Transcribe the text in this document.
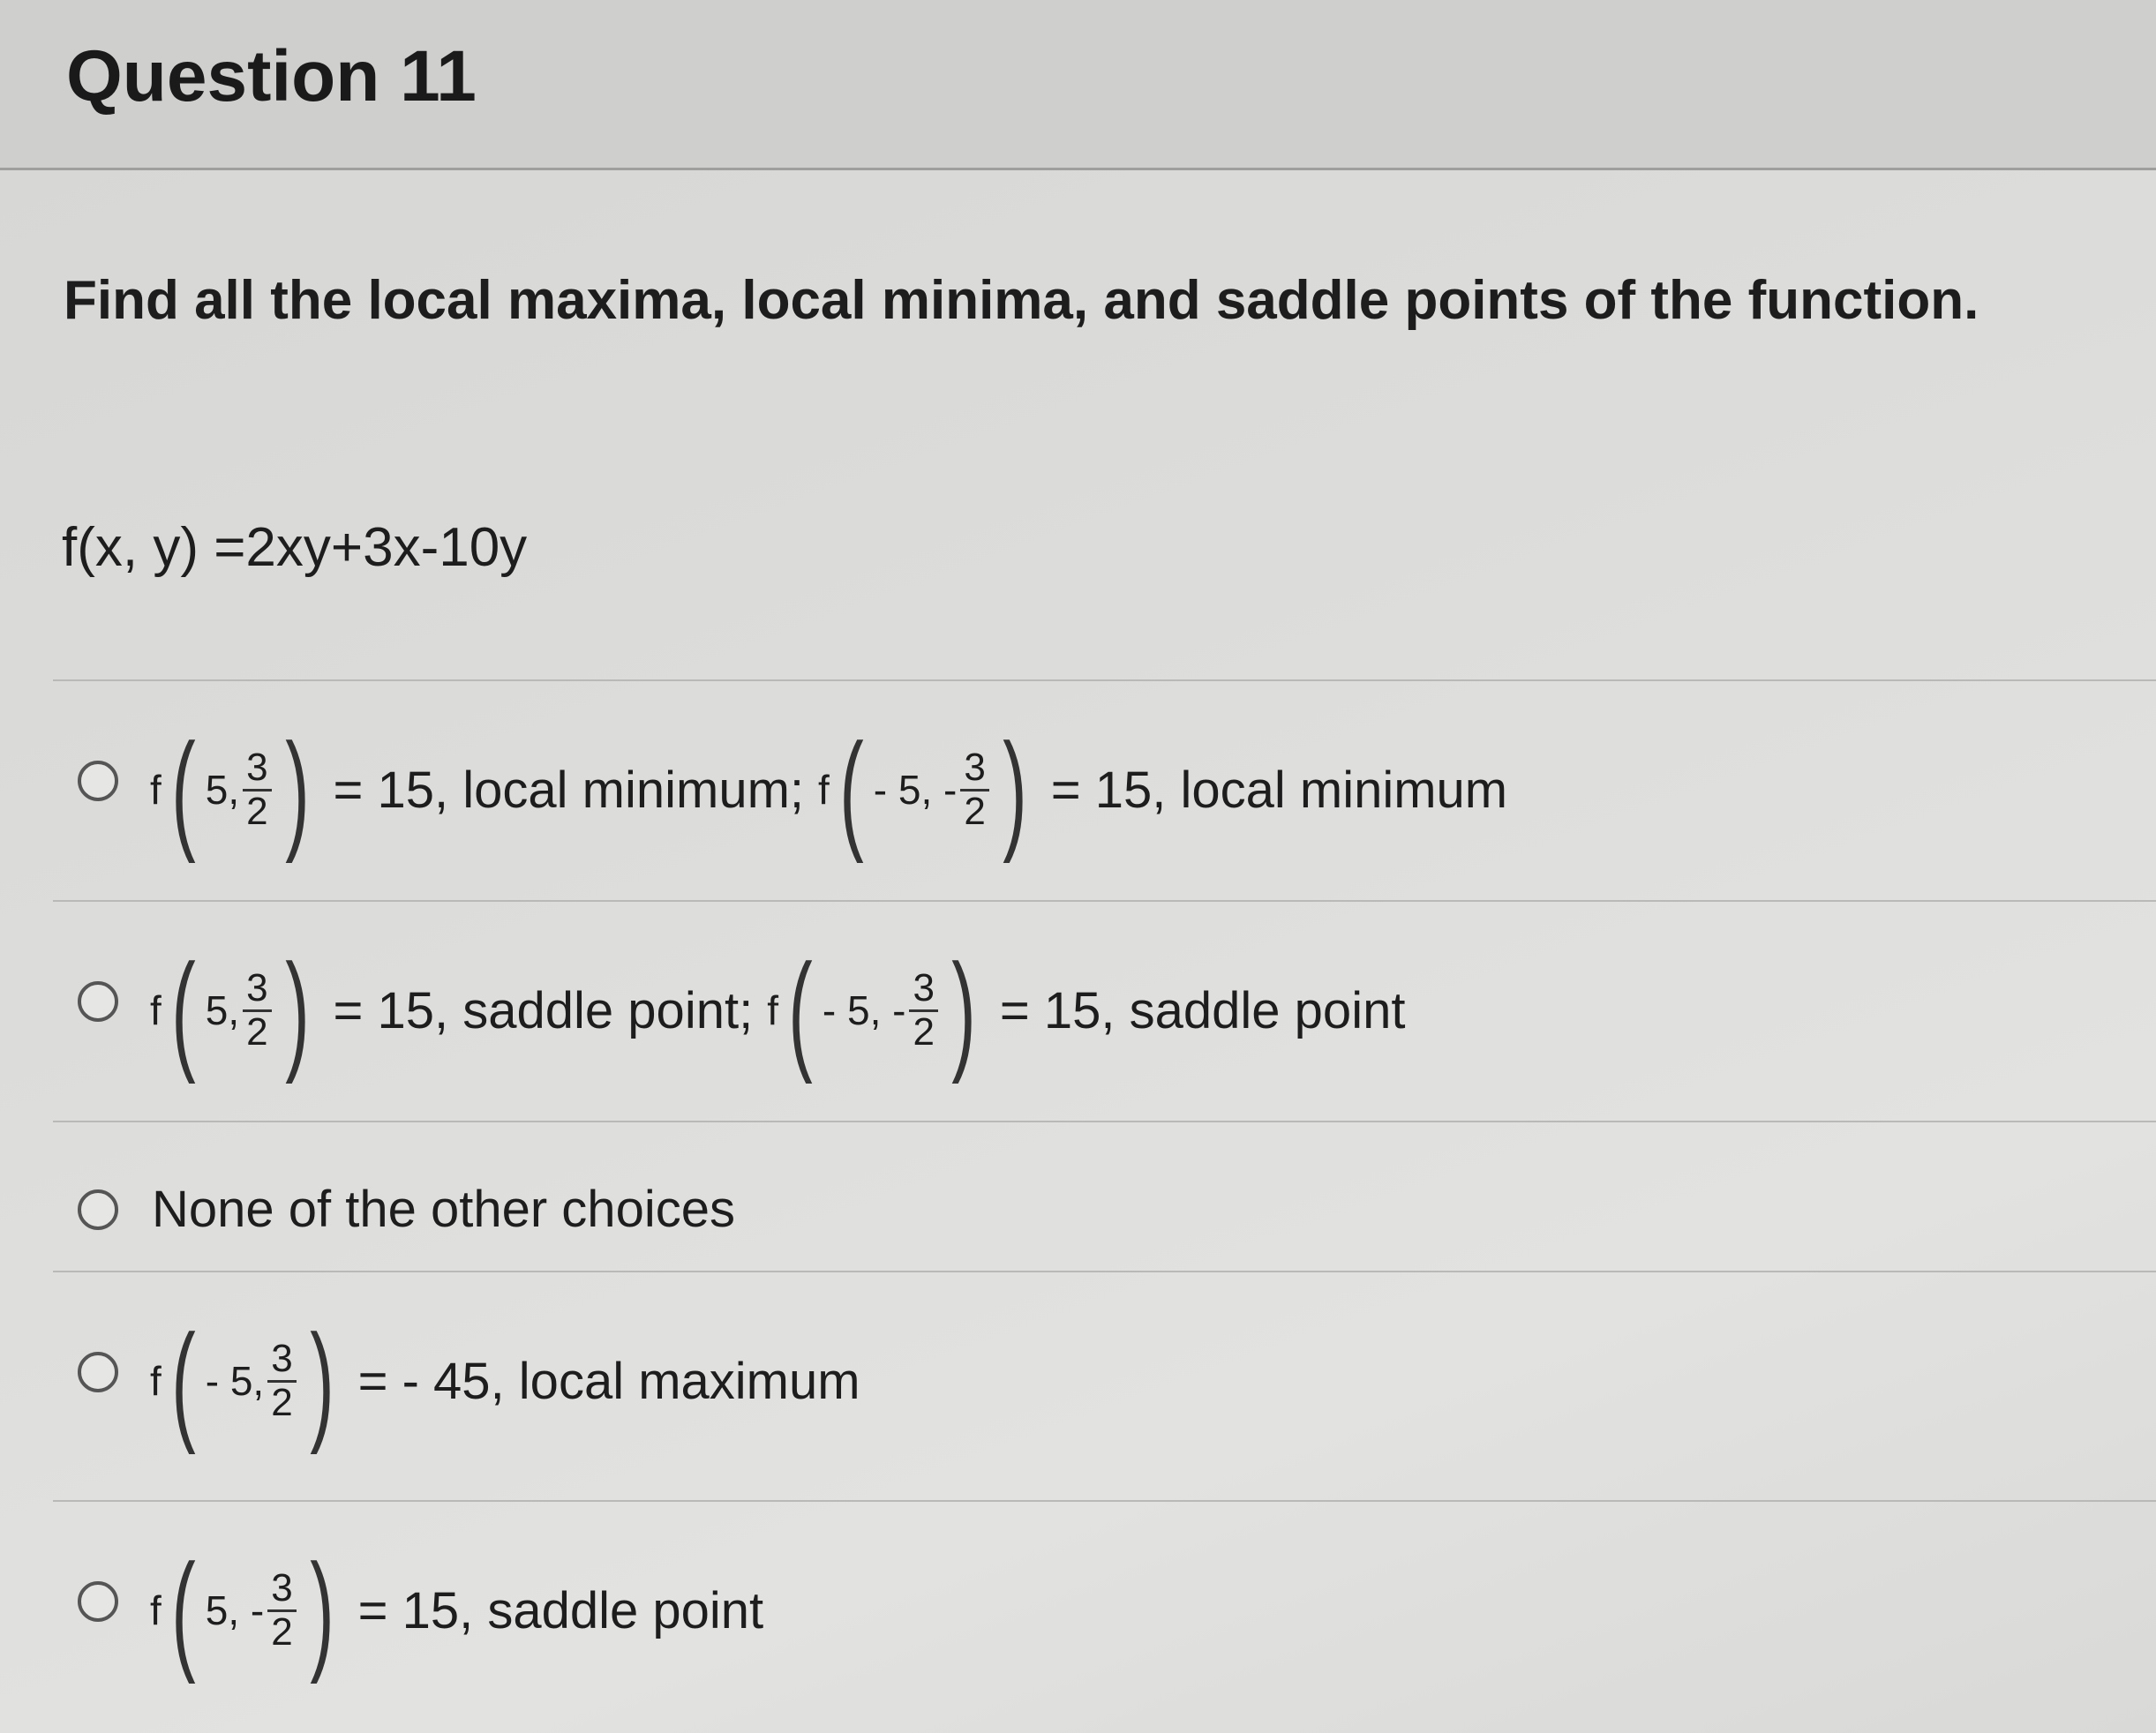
Question 11
Find all the local maxima, local minima, and saddle points of the function.
f(x, y) =2xy+3x-10y
f ( 5, $\frac{3}{2}$ ) = 15, local minimum; f ( - 5, - $\frac{3}{2}$ ) = 15, local minimum
f ( 5, $\frac{3}{2}$ ) = 15, saddle point; f ( - 5, - $\frac{3}{2}$ ) = 15, saddle point
None of the other choices
f ( - 5, $\frac{3}{2}$ ) = - 45, local maximum
f ( 5, - $\frac{3}{2}$ ) = 15, saddle point
